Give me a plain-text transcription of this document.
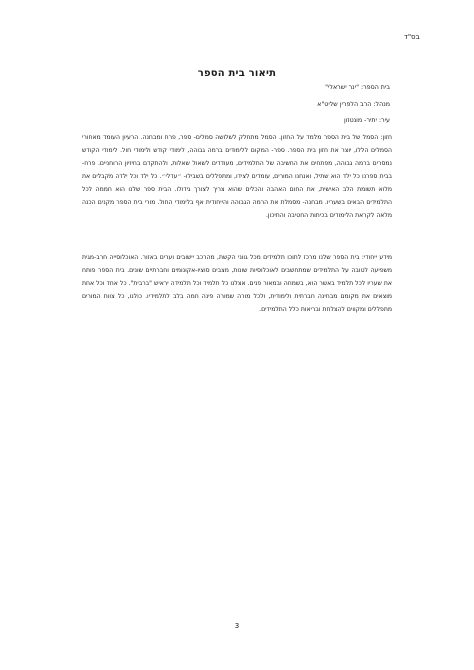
בס"ד
תיאור בית הספר
בית הספר: "ינר ישראלי"
מנהל: הרב הלפרין שליט"א
עיר: יתיר- מונטזון
חזון: הסמל של בית הספר מלמד על החזון. הסמל מתחלק לשלושה סמלים- ספר, פרח ומבחנה. הרעיון העומד מאחורי הסמלים הללו, יוצר את חזון בית הספר. ספר- המקום ללימודים ברמה גבוהה, לימודי קודש ולימודי חול. לימודי הקודש נמסרים ברמה גבוהה, מפתחים את החשיבה של התלמידים, מעודדים לשאול שאלות, ולהתקדם בחיזיון הרוחניים. פרח- בבית ספרנו כל ילד הוא שתיל, ואנחנו המורים, עומדים לצידו, ומתפללים בשבילו- ״עדלי״. כל ילד וכל ילדה מקבלים את מלוא תשומת הלב האישית, את החום האהבה והכלים שהוא צריך לצורך גידולו. הבית ספר שלנו הוא חממה לכל התלמידים הבאים בשעריו. מבחנה- מסמלת את הרמה הגבוהה והייחודית אף בלימודי החול. מורי בית הספר מקנים הכנה מלאה לקראת הלימודים בכיתות החטיבה והתיכון.
מידע ייחודי: בית הספר שלנו מרכז לתוכו תלמידים מכל גווני הקשת, מהרכב יישובים וערים באזור. האוכלוסייה חרב-מגית משפיעה לטובה על התלמידים שמתחשבים לאוכלוסיות שונות, מצבים סוציו-אקונומים וחברתיים שונים. בית הספר פותח את שעריו לכל תלמיד באשר הוא, בשמחה ובמאור פנים. אצלנו כל תלמיד וכל תלמידה יראיש "ברבית". כל אחד וכל אחת מוצאים את מקומם מבחינה חברתית ולימודית, ולכל מורה שמורה פינה חמה בלב לתלמידיו. כולנו, כל צוות המורים מתפללים ומקווים להצלחת ובריאות כלל התלמידים.
3
